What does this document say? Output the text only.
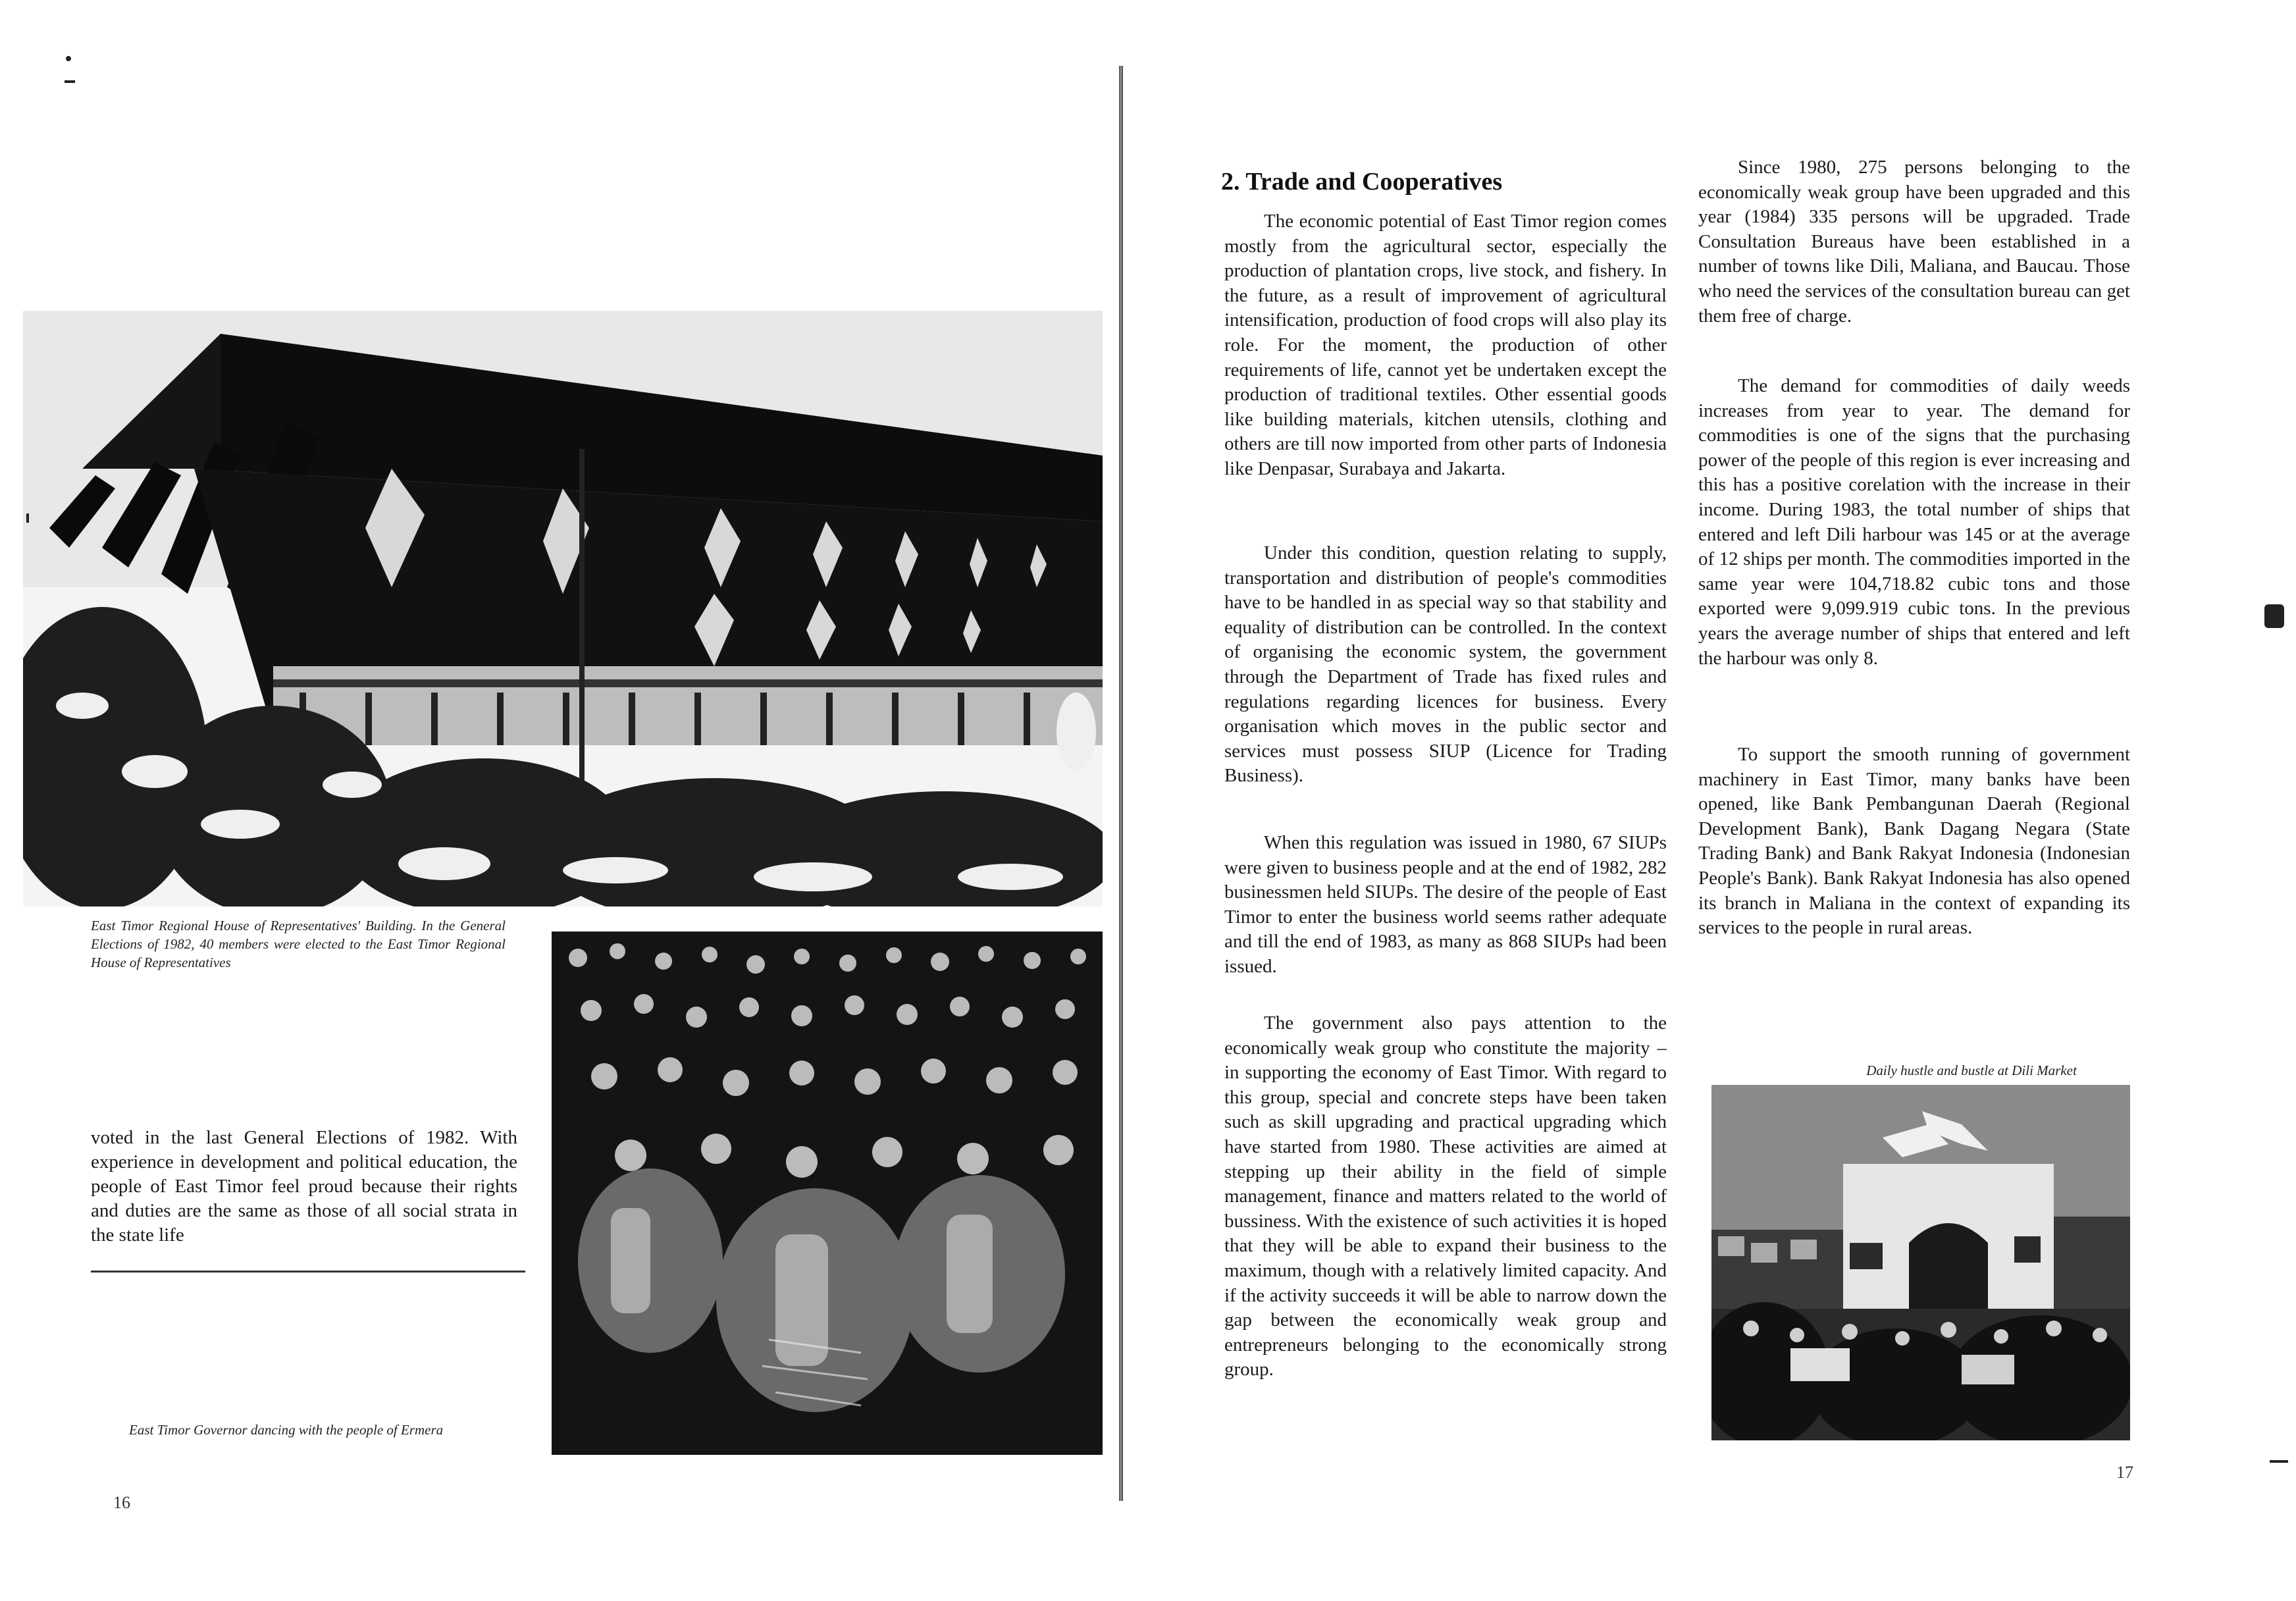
East Timor Regional House of Representatives' Building. In the General Elections of 1982, 40 members were elected to the East Timor Regional House of Representatives

voted in the last General Elections of 1982. With experience in development and political education, the people of East Timor feel proud because their rights and duties are the same as those of all social strata in the state life

East Timor Governor dancing with the people of Ermera
16
2. Trade and Cooperatives

The economic potential of East Timor region comes mostly from the agricultural sector, especially the production of plantation crops, live stock, and fishery. In the future, as a result of improvement of agricultural intensification, production of food crops will also play its role. For the moment, the production of other requirements of life, cannot yet be undertaken except the production of traditional textiles. Other essential goods like building materials, kitchen utensils, clothing and others are till now imported from other parts of Indonesia like Denpasar, Surabaya and Jakarta.

Under this condition, question relating to supply, transportation and distribution of people's commodities have to be handled in as special way so that stability and equality of distribution can be controlled. In the context of organising the economic system, the government through the Department of Trade has fixed rules and regulations regarding licences for business. Every organisation which moves in the public sector and services must possess SIUP (Licence for Trading Business).

When this regulation was issued in 1980, 67 SIUPs were given to business people and at the end of 1982, 282 businessmen held SIUPs. The desire of the people of East Timor to enter the business world seems rather adequate and till the end of 1983, as many as 868 SIUPs had been issued.

The government also pays attention to the economically weak group who constitute the majority – in supporting the economy of East Timor. With regard to this group, special and concrete steps have been taken such as skill upgrading and practical upgrading which have started from 1980. These activities are aimed at stepping up their ability in the field of simple management, finance and matters related to the world of bussiness. With the existence of such activities it is hoped that they will be able to expand their business to the maximum, though with a relatively limited capacity. And if the activity succeeds it will be able to narrow down the gap between the economically weak group and entrepreneurs belonging to the economically strong group.

Since 1980, 275 persons belonging to the economically weak group have been upgraded and this year (1984) 335 persons will be upgraded. Trade Consultation Bureaus have been established in a number of towns like Dili, Maliana, and Baucau. Those who need the services of the consultation bureau can get them free of charge.

The demand for commodities of daily weeds increases from year to year. The demand for commodities is one of the signs that the purchasing power of the people of this region is ever increasing and this has a positive corelation with the increase in their income. During 1983, the total number of ships that entered and left Dili harbour was 145 or at the average of 12 ships per month. The commodities imported in the same year were 104,718.82 cubic tons and those exported were 9,099.919 cubic tons. In the previous years the average number of ships that entered and left the harbour was only 8.

To support the smooth running of government machinery in East Timor, many banks have been opened, like Bank Pembangunan Daerah (Regional Development Bank), Bank Dagang Negara (State Trading Bank) and Bank Rakyat Indonesia (Indonesian People's Bank). Bank Rakyat Indonesia has also opened its branch in Maliana in the context of expanding its services to the people in rural areas.

Daily hustle and bustle at Dili Market
17
